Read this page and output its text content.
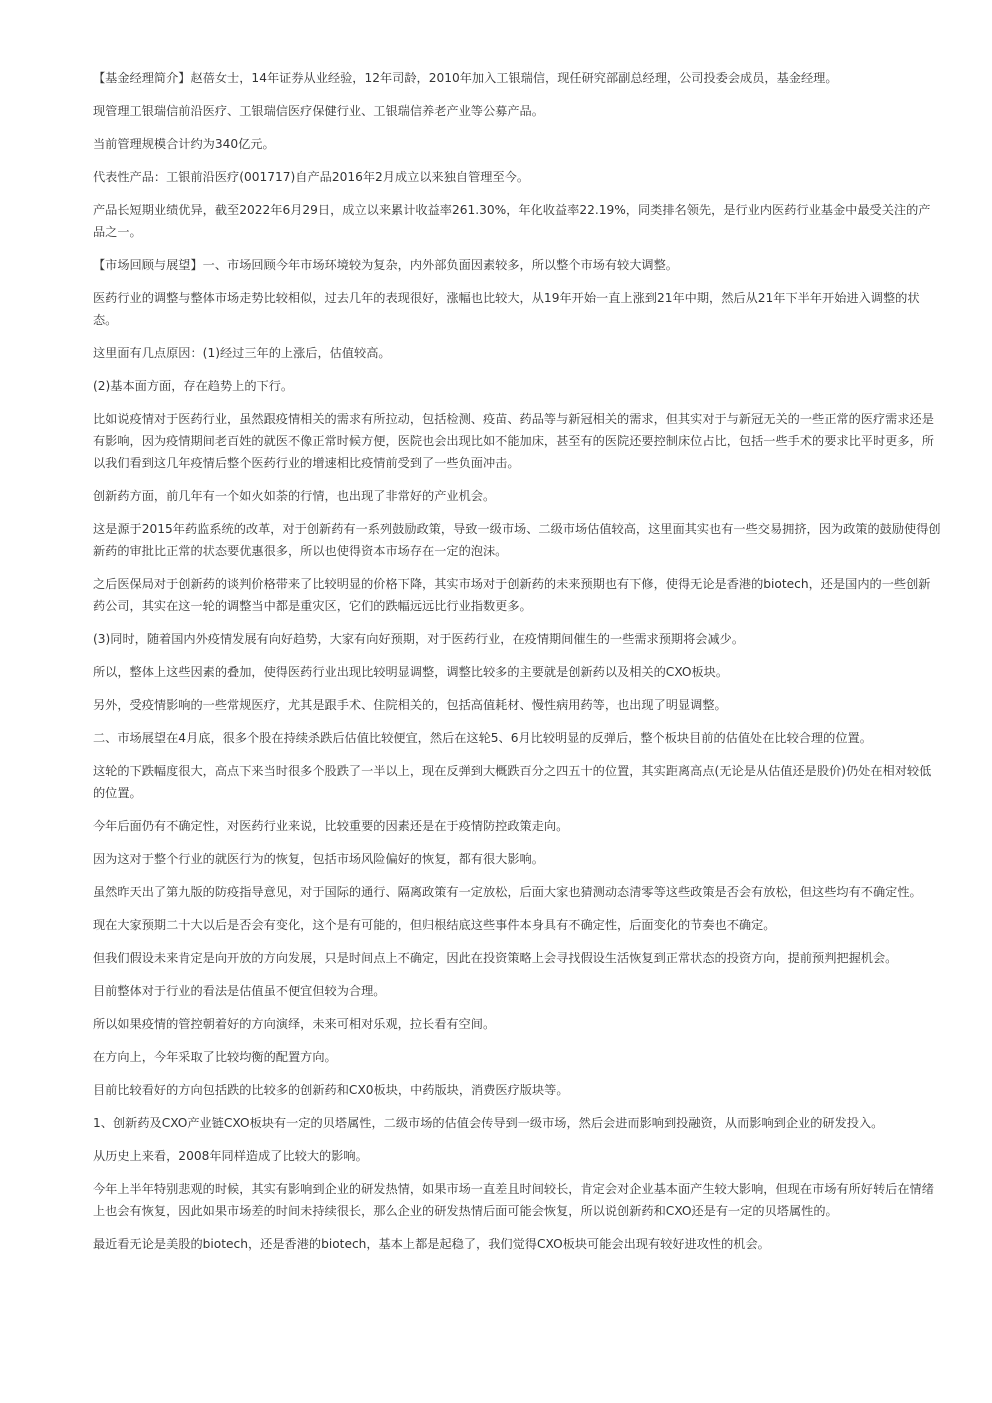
【基金经理简介】赵蓓女士，14年证券从业经验，12年司龄，2010年加入工银瑞信，现任研究部副总经理，公司投委会成员，基金经理。

现管理工银瑞信前沿医疗、工银瑞信医疗保健行业、工银瑞信养老产业等公募产品。

当前管理规模合计约为340亿元。

代表性产品：工银前沿医疗(001717)自产品2016年2月成立以来独自管理至今。

产品长短期业绩优异，截至2022年6月29日，成立以来累计收益率261.30%，年化收益率22.19%，同类排名领先，是行业内医药行业基金中最受关注的产品之一。

【市场回顾与展望】一、市场回顾今年市场环境较为复杂，内外部负面因素较多，所以整个市场有较大调整。

医药行业的调整与整体市场走势比较相似，过去几年的表现很好，涨幅也比较大，从19年开始一直上涨到21年中期，然后从21年下半年开始进入调整的状态。

这里面有几点原因：(1)经过三年的上涨后，估值较高。

(2)基本面方面，存在趋势上的下行。

比如说疫情对于医药行业，虽然跟疫情相关的需求有所拉动，包括检测、疫苗、药品等与新冠相关的需求，但其实对于与新冠无关的一些正常的医疗需求还是有影响，因为疫情期间老百姓的就医不像正常时候方便，医院也会出现比如不能加床，甚至有的医院还要控制床位占比，包括一些手术的要求比平时更多，所以我们看到这几年疫情后整个医药行业的增速相比疫情前受到了一些负面冲击。

创新药方面，前几年有一个如火如荼的行情，也出现了非常好的产业机会。

这是源于2015年药监系统的改革，对于创新药有一系列鼓励政策，导致一级市场、二级市场估值较高，这里面其实也有一些交易拥挤，因为政策的鼓励使得创新药的审批比正常的状态要优惠很多，所以也使得资本市场存在一定的泡沫。

之后医保局对于创新药的谈判价格带来了比较明显的价格下降，其实市场对于创新药的未来预期也有下修，使得无论是香港的biotech，还是国内的一些创新药公司，其实在这一轮的调整当中都是重灾区，它们的跌幅远远比行业指数更多。

(3)同时，随着国内外疫情发展有向好趋势，大家有向好预期，对于医药行业，在疫情期间催生的一些需求预期将会减少。

所以，整体上这些因素的叠加，使得医药行业出现比较明显调整，调整比较多的主要就是创新药以及相关的CXO板块。

另外，受疫情影响的一些常规医疗，尤其是跟手术、住院相关的，包括高值耗材、慢性病用药等，也出现了明显调整。

二、市场展望在4月底，很多个股在持续杀跌后估值比较便宜，然后在这轮5、6月比较明显的反弹后，整个板块目前的估值处在比较合理的位置。

这轮的下跌幅度很大，高点下来当时很多个股跌了一半以上，现在反弹到大概跌百分之四五十的位置，其实距离高点(无论是从估值还是股价)仍处在相对较低的位置。

今年后面仍有不确定性，对医药行业来说，比较重要的因素还是在于疫情防控政策走向。

因为这对于整个行业的就医行为的恢复，包括市场风险偏好的恢复，都有很大影响。

虽然昨天出了第九版的防疫指导意见，对于国际的通行、隔离政策有一定放松，后面大家也猜测动态清零等这些政策是否会有放松，但这些均有不确定性。

现在大家预期二十大以后是否会有变化，这个是有可能的，但归根结底这些事件本身具有不确定性，后面变化的节奏也不确定。

但我们假设未来肯定是向开放的方向发展，只是时间点上不确定，因此在投资策略上会寻找假设生活恢复到正常状态的投资方向，提前预判把握机会。

目前整体对于行业的看法是估值虽不便宜但较为合理。

所以如果疫情的管控朝着好的方向演绎，未来可相对乐观，拉长看有空间。

在方向上，今年采取了比较均衡的配置方向。

目前比较看好的方向包括跌的比较多的创新药和CX0板块，中药版块，消费医疗版块等。

1、创新药及CXO产业链CXO板块有一定的贝塔属性，二级市场的估值会传导到一级市场，然后会进而影响到投融资，从而影响到企业的研发投入。

从历史上来看，2008年同样造成了比较大的影响。

今年上半年特别悲观的时候，其实有影响到企业的研发热情，如果市场一直差且时间较长，肯定会对企业基本面产生较大影响，但现在市场有所好转后在情绪上也会有恢复，因此如果市场差的时间未持续很长，那么企业的研发热情后面可能会恢复，所以说创新药和CXO还是有一定的贝塔属性的。

最近看无论是美股的biotech，还是香港的biotech，基本上都是起稳了，我们觉得CXO板块可能会出现有较好进攻性的机会。
